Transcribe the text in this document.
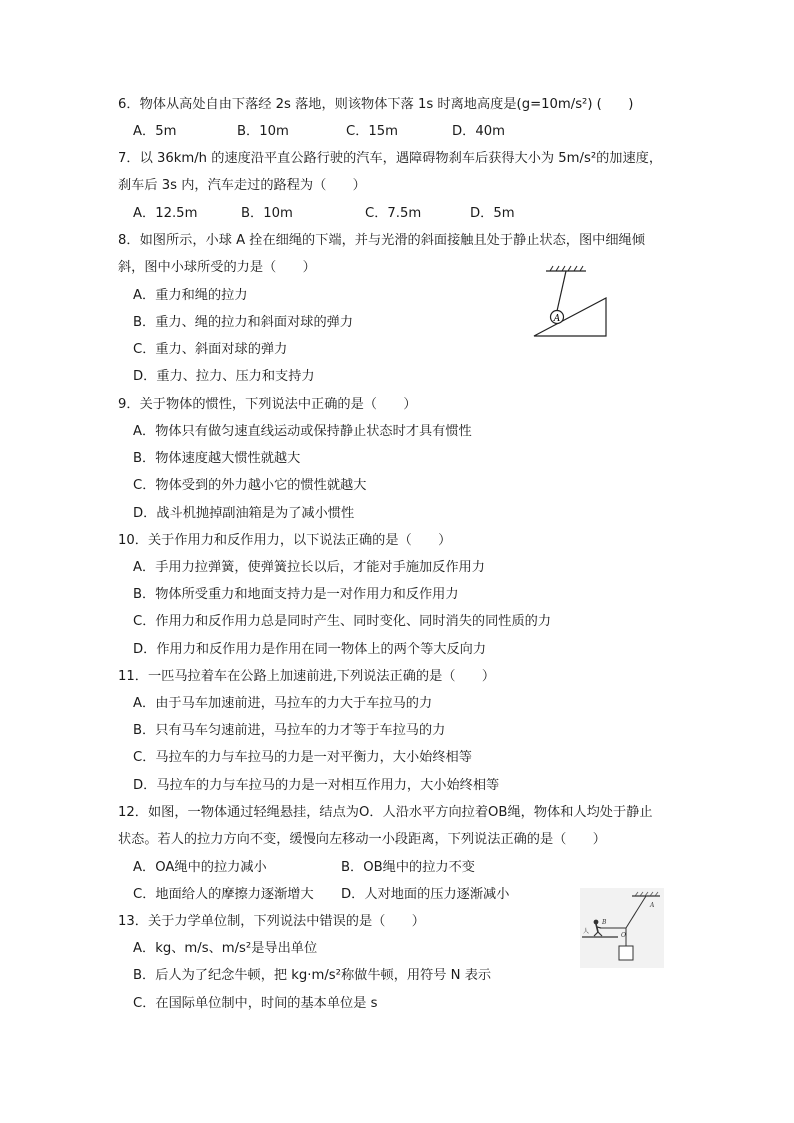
6．物体从高处自由下落经 2s 落地，则该物体下落 1s 时离地高度是(g=10m/s²) (　　)
A．5m	B．10m	C．15m	D．40m
7．以 36km/h 的速度沿平直公路行驶的汽车，遇障碍物刹车后获得大小为 5m/s²的加速度，
刹车后 3s 内，汽车走过的路程为（　　）
A．12.5m	B．10m	C．7.5m	D．5m
8．如图所示，小球 A 拴在细绳的下端，并与光滑的斜面接触且处于静止状态，图中细绳倾
斜，图中小球所受的力是（　　）
A．重力和绳的拉力
B．重力、绳的拉力和斜面对球的弹力
C．重力、斜面对球的弹力
D．重力、拉力、压力和支持力
A
9．关于物体的惯性，下列说法中正确的是（　　）
A．物体只有做匀速直线运动或保持静止状态时才具有惯性
B．物体速度越大惯性就越大
C．物体受到的外力越小它的惯性就越大
D．战斗机抛掉副油箱是为了减小惯性
10．关于作用力和反作用力，以下说法正确的是（　　）
A．手用力拉弹簧，使弹簧拉长以后，才能对手施加反作用力
B．物体所受重力和地面支持力是一对作用力和反作用力
C．作用力和反作用力总是同时产生、同时变化、同时消失的同性质的力
D．作用力和反作用力是作用在同一物体上的两个等大反向力
11．一匹马拉着车在公路上加速前进,下列说法正确的是（　　）
A．由于马车加速前进，马拉车的力大于车拉马的力
B．只有马车匀速前进，马拉车的力才等于车拉马的力
C．马拉车的力与车拉马的力是一对平衡力，大小始终相等
D．马拉车的力与车拉马的力是一对相互作用力，大小始终相等
12．如图，一物体通过轻绳悬挂，结点为O．人沿水平方向拉着OB绳，物体和人均处于静止
状态。若人的拉力方向不变，缓慢向左移动一小段距离，下列说法正确的是（　　）
A．OA绳中的拉力减小	B．OB绳中的拉力不变
C．地面给人的摩擦力逐渐增大 D．人对地面的压力逐渐减小
A
O
B
人
13．关于力学单位制，下列说法中错误的是（　　）
A．kg、m/s、m/s²是导出单位
B．后人为了纪念牛顿，把 kg·m/s²称做牛顿，用符号 N 表示
C．在国际单位制中，时间的基本单位是 s
